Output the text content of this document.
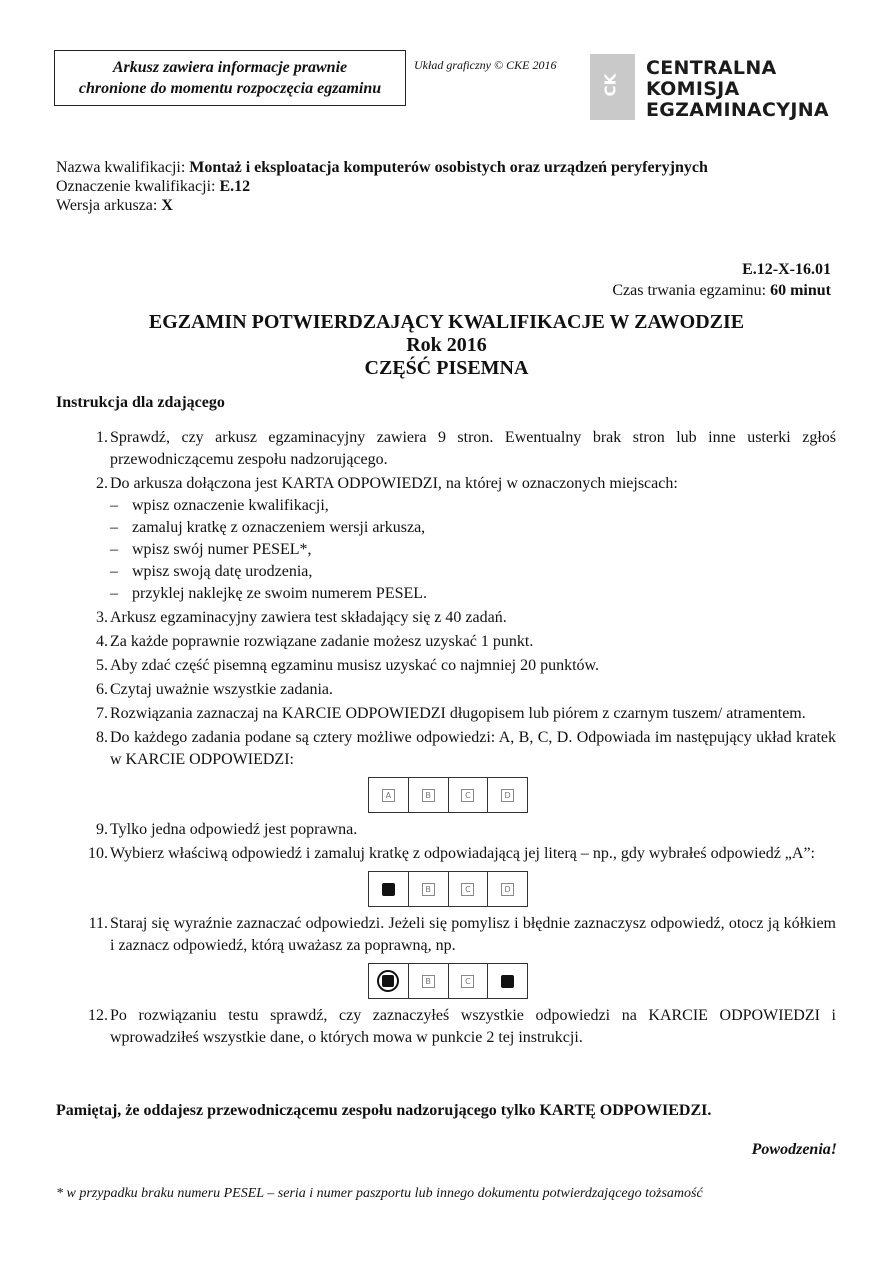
Arkusz zawiera informacje prawnie
chronione do momentu rozpoczęcia egzaminu
Układ graficzny © CKE 2016
CK
CENTRALNA
KOMISJA
EGZAMINACYJNA
Nazwa kwalifikacji: Montaż i eksploatacja komputerów osobistych oraz urządzeń peryferyjnych
Oznaczenie kwalifikacji: E.12
Wersja arkusza: X
E.12-X-16.01
Czas trwania egzaminu: 60 minut
EGZAMIN POTWIERDZAJĄCY KWALIFIKACJE W ZAWODZIE
Rok 2016
CZĘŚĆ PISEMNA
Instrukcja dla zdającego
1. Sprawdź, czy arkusz egzaminacyjny zawiera 9 stron. Ewentualny brak stron lub inne usterki zgłoś przewodniczącemu zespołu nadzorującego.
2. Do arkusza dołączona jest KARTA ODPOWIEDZI, na której w oznaczonych miejscach:
– wpisz oznaczenie kwalifikacji,
– zamaluj kratkę z oznaczeniem wersji arkusza,
– wpisz swój numer PESEL*,
– wpisz swoją datę urodzenia,
– przyklej naklejkę ze swoim numerem PESEL.
3. Arkusz egzaminacyjny zawiera test składający się z 40 zadań.
4. Za każde poprawnie rozwiązane zadanie możesz uzyskać 1 punkt.
5. Aby zdać część pisemną egzaminu musisz uzyskać co najmniej 20 punktów.
6. Czytaj uważnie wszystkie zadania.
7. Rozwiązania zaznaczaj na KARCIE ODPOWIEDZI długopisem lub piórem z czarnym tuszem/ atramentem.
8. Do każdego zadania podane są cztery możliwe odpowiedzi: A, B, C, D. Odpowiada im następujący układ kratek w KARCIE ODPOWIEDZI:
A	B	C	D
9. Tylko jedna odpowiedź jest poprawna.
10. Wybierz właściwą odpowiedź i zamaluj kratkę z odpowiadającą jej literą – np., gdy wybrałeś odpowiedź „A”:
B	C	D
11. Staraj się wyraźnie zaznaczać odpowiedzi. Jeżeli się pomylisz i błędnie zaznaczysz odpowiedź, otocz ją kółkiem i zaznacz odpowiedź, którą uważasz za poprawną, np.
B	C
12. Po rozwiązaniu testu sprawdź, czy zaznaczyłeś wszystkie odpowiedzi na KARCIE ODPOWIEDZI i wprowadziłeś wszystkie dane, o których mowa w punkcie 2 tej instrukcji.
Pamiętaj, że oddajesz przewodniczącemu zespołu nadzorującego tylko KARTĘ ODPOWIEDZI.
Powodzenia!
* w przypadku braku numeru PESEL – seria i numer paszportu lub innego dokumentu potwierdzającego tożsamość
